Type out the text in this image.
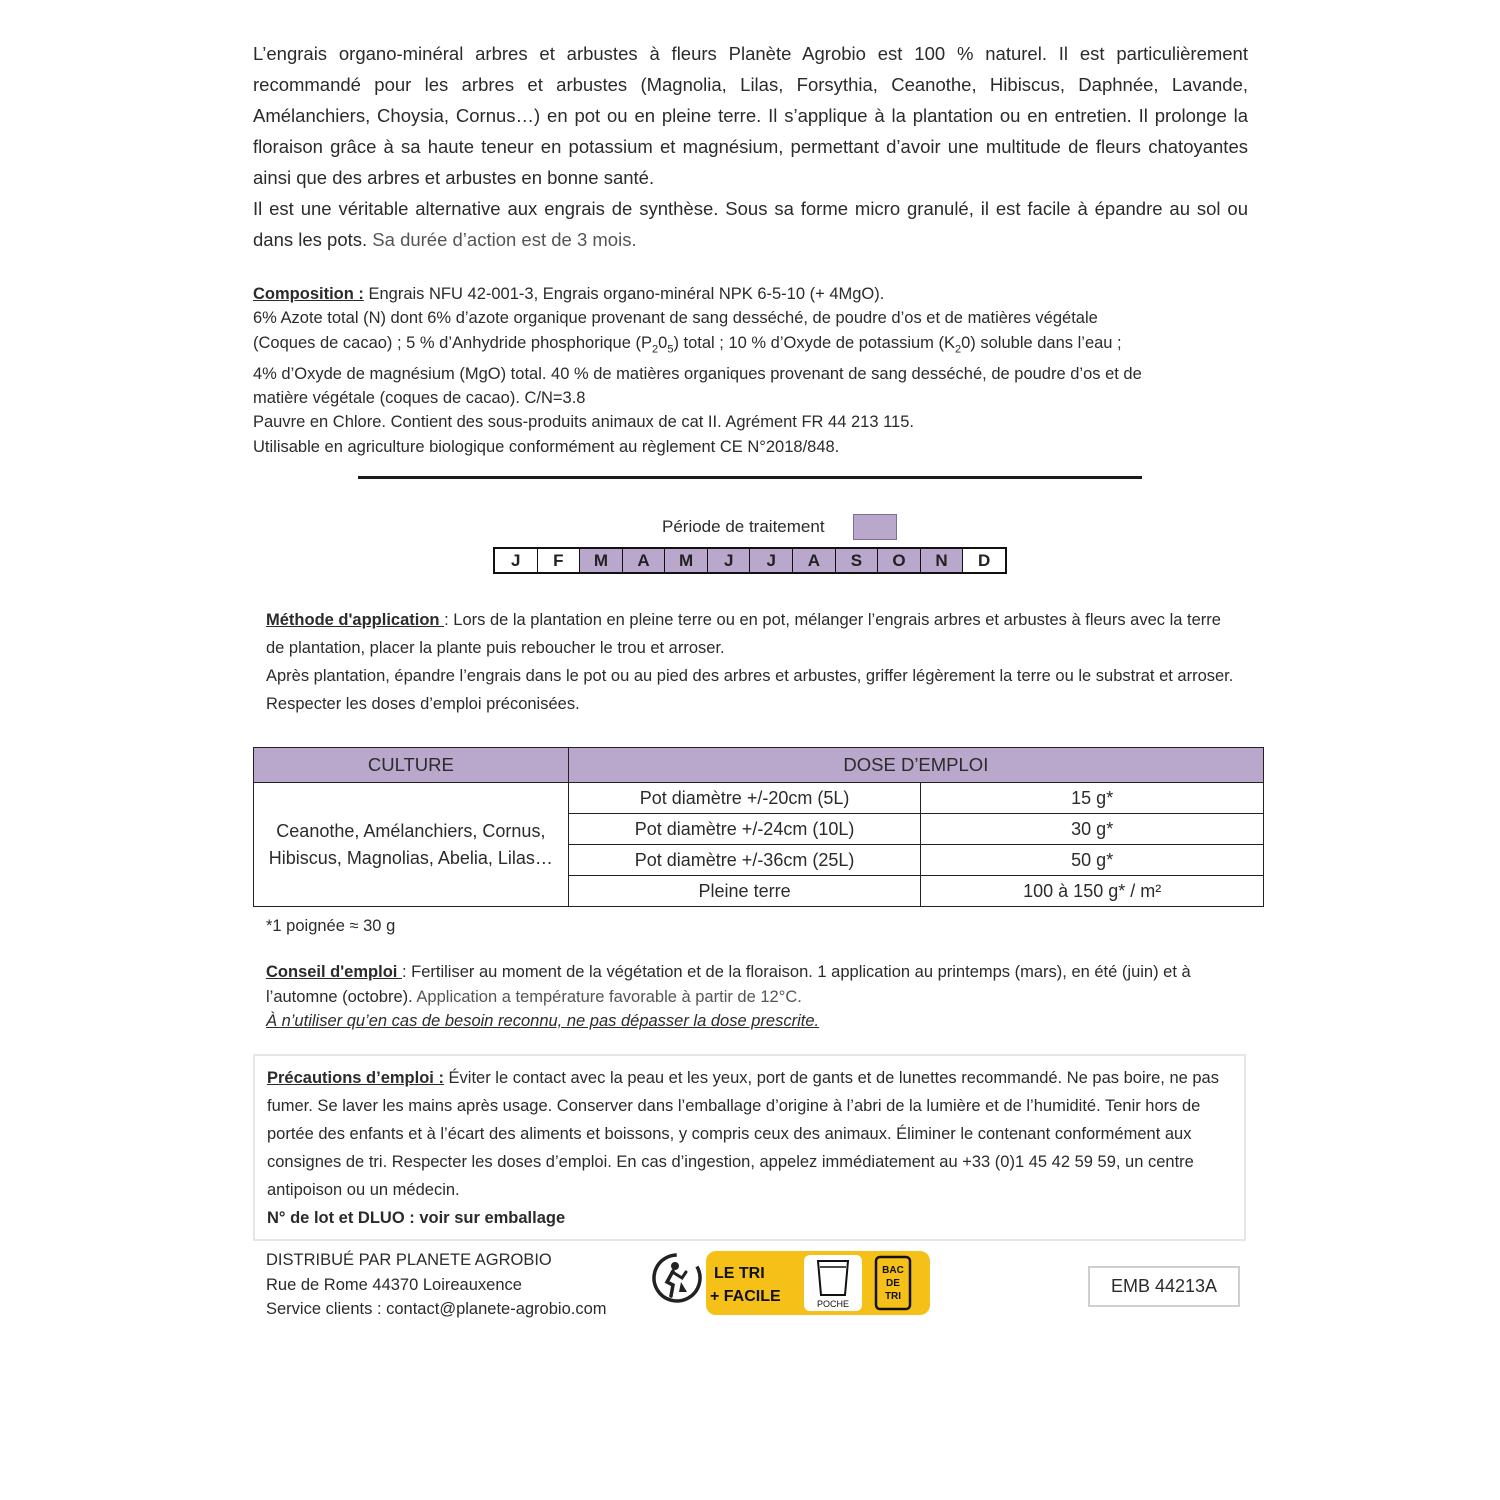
L’engrais organo-minéral arbres et arbustes à fleurs Planète Agrobio est 100 % naturel. Il est particulièrement recommandé pour les arbres et arbustes (Magnolia, Lilas, Forsythia, Ceanothe, Hibiscus, Daphnée, Lavande, Amélanchiers, Choysia, Cornus…) en pot ou en pleine terre. Il s’applique à la plantation ou en entretien. Il prolonge la floraison grâce à sa haute teneur en potassium et magnésium, permettant d’avoir une multitude de fleurs chatoyantes ainsi que des arbres et arbustes en bonne santé.

Il est une véritable alternative aux engrais de synthèse. Sous sa forme micro granulé, il est facile à épandre au sol ou dans les pots. Sa durée d’action est de 3 mois.

Composition : Engrais NFU 42-001-3, Engrais organo-minéral NPK 6-5-10 (+ 4MgO).
6% Azote total (N) dont 6% d’azote organique provenant de sang desséché, de poudre d’os et de matières végétale
(Coques de cacao) ; 5 % d’Anhydride phosphorique $(P_20_5)$ total ; 10 % d’Oxyde de potassium $(K_20)$ soluble dans l’eau ;
4% d’Oxyde de magnésium (MgO) total. 40 % de matières organiques provenant de sang desséché, de poudre d’os et de
matière végétale (coques de cacao). C/N=3.8
Pauvre en Chlore. Contient des sous-produits animaux de cat II. Agrément FR 44 213 115.
Utilisable en agriculture biologique conformément au règlement CE N°2018/848.
Période de traitement
J	F	M	A	M	J	J	A	S	O	N	D
Méthode d'application : Lors de la plantation en pleine terre ou en pot, mélanger l’engrais arbres et arbustes à fleurs avec la terre de plantation, placer la plante puis reboucher le trou et arroser.
Après plantation, épandre l’engrais dans le pot ou au pied des arbres et arbustes, griffer légèrement la terre ou le substrat et arroser. Respecter les doses d’emploi préconisées.
CULTURE	DOSE D’EMPLOI	
Ceanothe, Amélanchiers, Cornus, Hibiscus, Magnolias, Abelia, Lilas…	Pot diamètre +/-20cm (5L)	15 g*
	Pot diamètre +/-24cm (10L)	30 g*
	Pot diamètre +/-36cm (25L)	50 g*
	Pleine terre	100 à 150 g* / m²
*1 poignée ≈ 30 g
Conseil d'emploi : Fertiliser au moment de la végétation et de la floraison. 1 application au printemps (mars), en été (juin) et à l’automne (octobre). Application a température favorable à partir de 12°C.
À n’utiliser qu’en cas de besoin reconnu, ne pas dépasser la dose prescrite.
Précautions d’emploi : Éviter le contact avec la peau et les yeux, port de gants et de lunettes recommandé. Ne pas boire, ne pas fumer. Se laver les mains après usage. Conserver dans l’emballage d’origine à l’abri de la lumière et de l’humidité. Tenir hors de portée des enfants et à l’écart des aliments et boissons, y compris ceux des animaux. Éliminer le contenant conformément aux consignes de tri. Respecter les doses d’emploi. En cas d’ingestion, appelez immédiatement au +33 (0)1 45 42 59 59, un centre antipoison ou un médecin.
N° de lot et DLUO : voir sur emballage
DISTRIBUÉ PAR PLANETE AGROBIO
Rue de Rome 44370 Loireauxence
Service clients : contact@planete-agrobio.com
LE TRI
+ FACILE	POCHE
BAC
DE
TRI
EMB 44213A
